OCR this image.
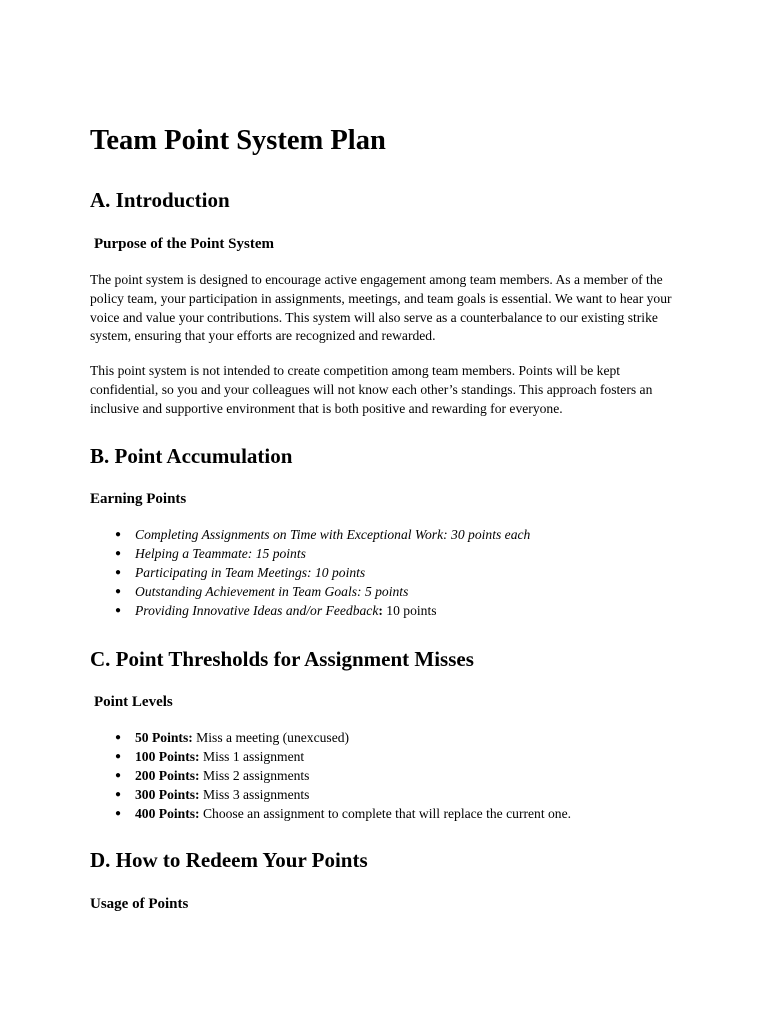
Team Point System Plan
A. Introduction
Purpose of the Point System

The point system is designed to encourage active engagement among team members. As a member of the policy team, your participation in assignments, meetings, and team goals is essential. We want to hear your voice and value your contributions. This system will also serve as a counterbalance to our existing strike system, ensuring that your efforts are recognized and rewarded.

This point system is not intended to create competition among team members. Points will be kept confidential, so you and your colleagues will not know each other’s standings. This approach fosters an inclusive and supportive environment that is both positive and rewarding for everyone.

B. Point Accumulation
Earning Points
● Completing Assignments on Time with Exceptional Work: 30 points each
● Helping a Teammate: 15 points
● Participating in Team Meetings: 10 points
● Outstanding Achievement in Team Goals: 5 points
● Providing Innovative Ideas and/or Feedback: 10 points
C. Point Thresholds for Assignment Misses
Point Levels
● 50 Points: Miss a meeting (unexcused)
● 100 Points: Miss 1 assignment
● 200 Points: Miss 2 assignments
● 300 Points: Miss 3 assignments
● 400 Points: Choose an assignment to complete that will replace the current one.
D. How to Redeem Your Points
Usage of Points
